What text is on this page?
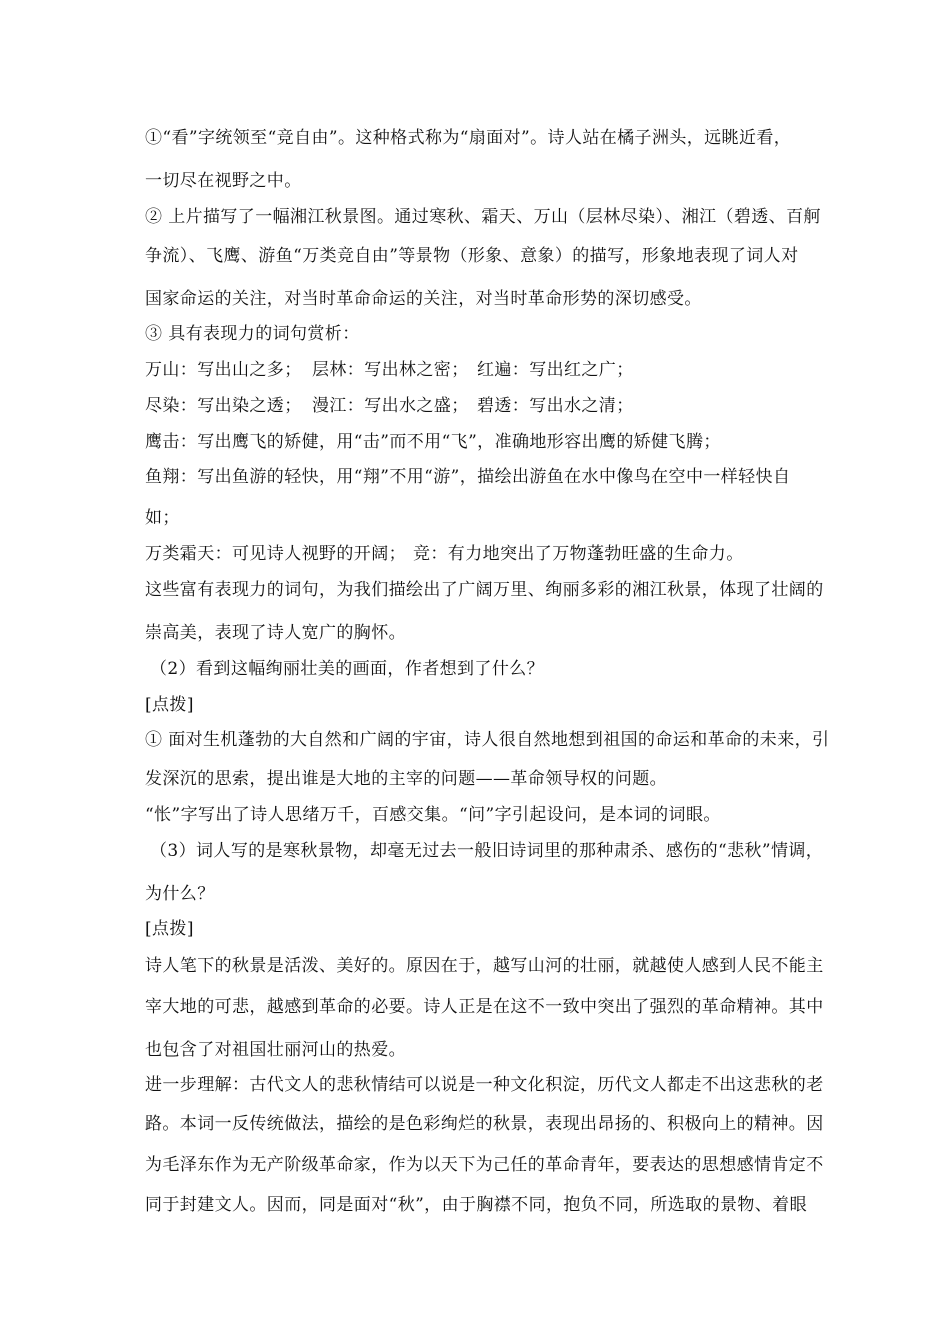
①“看”字统领至“竞自由”。这种格式称为“扇面对”。诗人站在橘子洲头，远眺近看，
一切尽在视野之中。
② 上片描写了一幅湘江秋景图。通过寒秋、霜天、万山（层林尽染）、湘江（碧透、百舸
争流）、飞鹰、游鱼“万类竞自由”等景物（形象、意象）的描写，形象地表现了词人对
国家命运的关注，对当时革命命运的关注，对当时革命形势的深切感受。
③ 具有表现力的词句赏析：
万山：写出山之多； 层林：写出林之密； 红遍：写出红之广；
尽染：写出染之透； 漫江：写出水之盛； 碧透：写出水之清；
鹰击：写出鹰飞的矫健，用“击”而不用“飞”，准确地形容出鹰的矫健飞腾；
鱼翔：写出鱼游的轻快，用“翔”不用“游”，描绘出游鱼在水中像鸟在空中一样轻快自
如；
万类霜天：可见诗人视野的开阔； 竞：有力地突出了万物蓬勃旺盛的生命力。
这些富有表现力的词句，为我们描绘出了广阔万里、绚丽多彩的湘江秋景，体现了壮阔的
崇高美，表现了诗人宽广的胸怀。
（2）看到这幅绚丽壮美的画面，作者想到了什么？
[点拨]
① 面对生机蓬勃的大自然和广阔的宇宙，诗人很自然地想到祖国的命运和革命的未来，引
发深沉的思索，提出谁是大地的主宰的问题——革命领导权的问题。
“怅”字写出了诗人思绪万千，百感交集。“问”字引起设问，是本词的词眼。
（3）词人写的是寒秋景物，却毫无过去一般旧诗词里的那种肃杀、感伤的“悲秋”情调，
为什么？
[点拨]
诗人笔下的秋景是活泼、美好的。原因在于，越写山河的壮丽，就越使人感到人民不能主
宰大地的可悲，越感到革命的必要。诗人正是在这不一致中突出了强烈的革命精神。其中
也包含了对祖国壮丽河山的热爱。
进一步理解：古代文人的悲秋情结可以说是一种文化积淀，历代文人都走不出这悲秋的老
路。本词一反传统做法，描绘的是色彩绚烂的秋景，表现出昂扬的、积极向上的精神。因
为毛泽东作为无产阶级革命家，作为以天下为己任的革命青年，要表达的思想感情肯定不
同于封建文人。因而，同是面对“秋”，由于胸襟不同，抱负不同，所选取的景物、着眼
